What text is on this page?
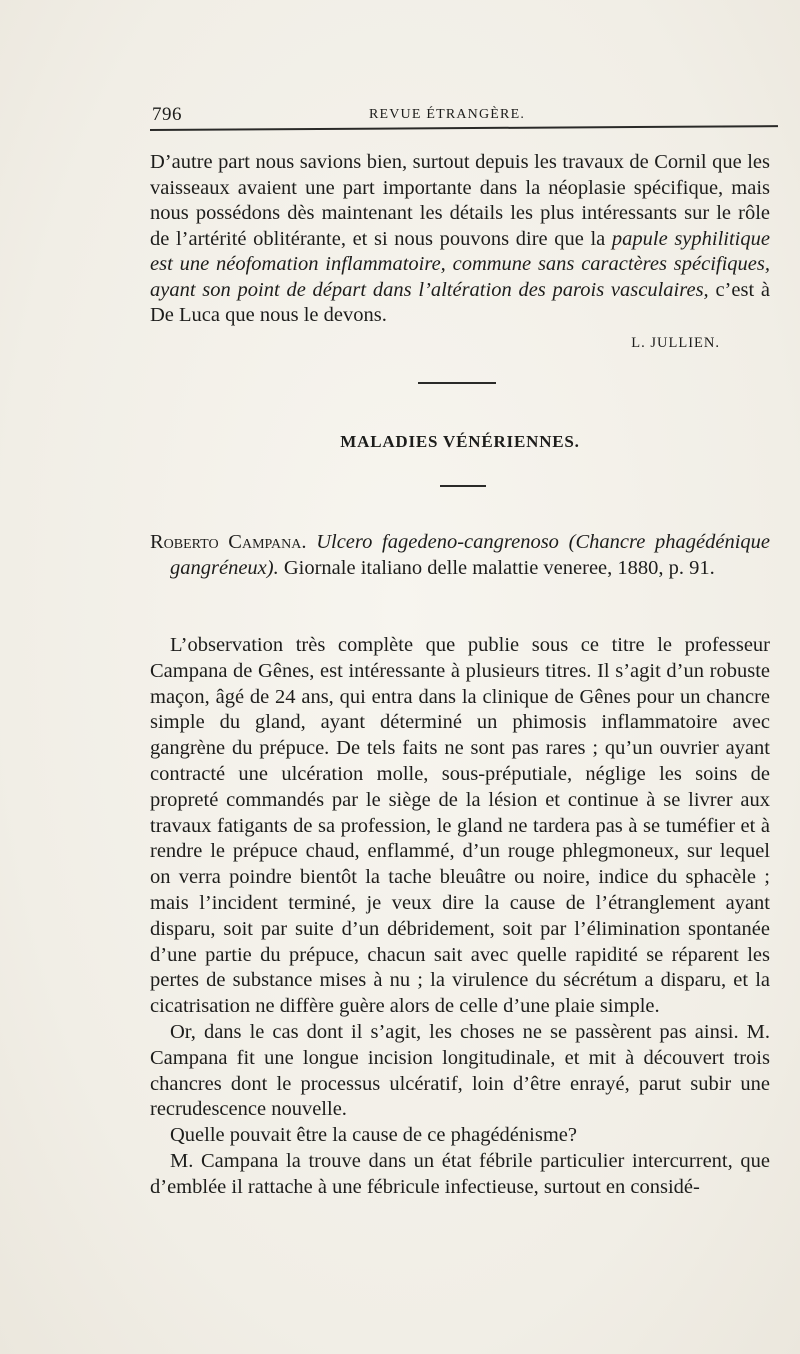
796	REVUE ÉTRANGÈRE.

D’autre part nous savions bien, surtout depuis les travaux de Cornil que les vaisseaux avaient une part importante dans la néoplasie spécifique, mais nous possédons dès maintenant les détails les plus intéressants sur le rôle de l’artérité oblitérante, et si nous pouvons dire que la papule syphilitique est une néofomation inflammatoire, commune sans caractères spécifiques, ayant son point de départ dans l’altération des parois vasculaires, c’est à De Luca que nous le devons.

L. JULLIEN.

MALADIES VÉNÉRIENNES.

Roberto Campana. Ulcero fagedeno-cangrenoso (Chancre phagédénique gangréneux). Giornale italiano delle malattie veneree, 1880, p. 91.

L’observation très complète que publie sous ce titre le professeur Campana de Gênes, est intéressante à plusieurs titres. Il s’agit d’un robuste maçon, âgé de 24 ans, qui entra dans la clinique de Gênes pour un chancre simple du gland, ayant déterminé un phimosis inflammatoire avec gangrène du prépuce. De tels faits ne sont pas rares ; qu’un ouvrier ayant contracté une ulcération molle, sous-préputiale, néglige les soins de propreté commandés par le siège de la lésion et continue à se livrer aux travaux fatigants de sa profession, le gland ne tardera pas à se tuméfier et à rendre le prépuce chaud, enflammé, d’un rouge phlegmoneux, sur lequel on verra poindre bientôt la tache bleuâtre ou noire, indice du sphacèle ; mais l’incident terminé, je veux dire la cause de l’étranglement ayant disparu, soit par suite d’un débridement, soit par l’élimination spontanée d’une partie du prépuce, chacun sait avec quelle rapidité se réparent les pertes de substance mises à nu ; la virulence du sécrétum a disparu, et la cicatrisation ne diffère guère alors de celle d’une plaie simple.

Or, dans le cas dont il s’agit, les choses ne se passèrent pas ainsi. M. Campana fit une longue incision longitudinale, et mit à découvert trois chancres dont le processus ulcératif, loin d’être enrayé, parut subir une recrudescence nouvelle.

Quelle pouvait être la cause de ce phagédénisme?

M. Campana la trouve dans un état fébrile particulier intercurrent, que d’emblée il rattache à une fébricule infectieuse, surtout en considé-
